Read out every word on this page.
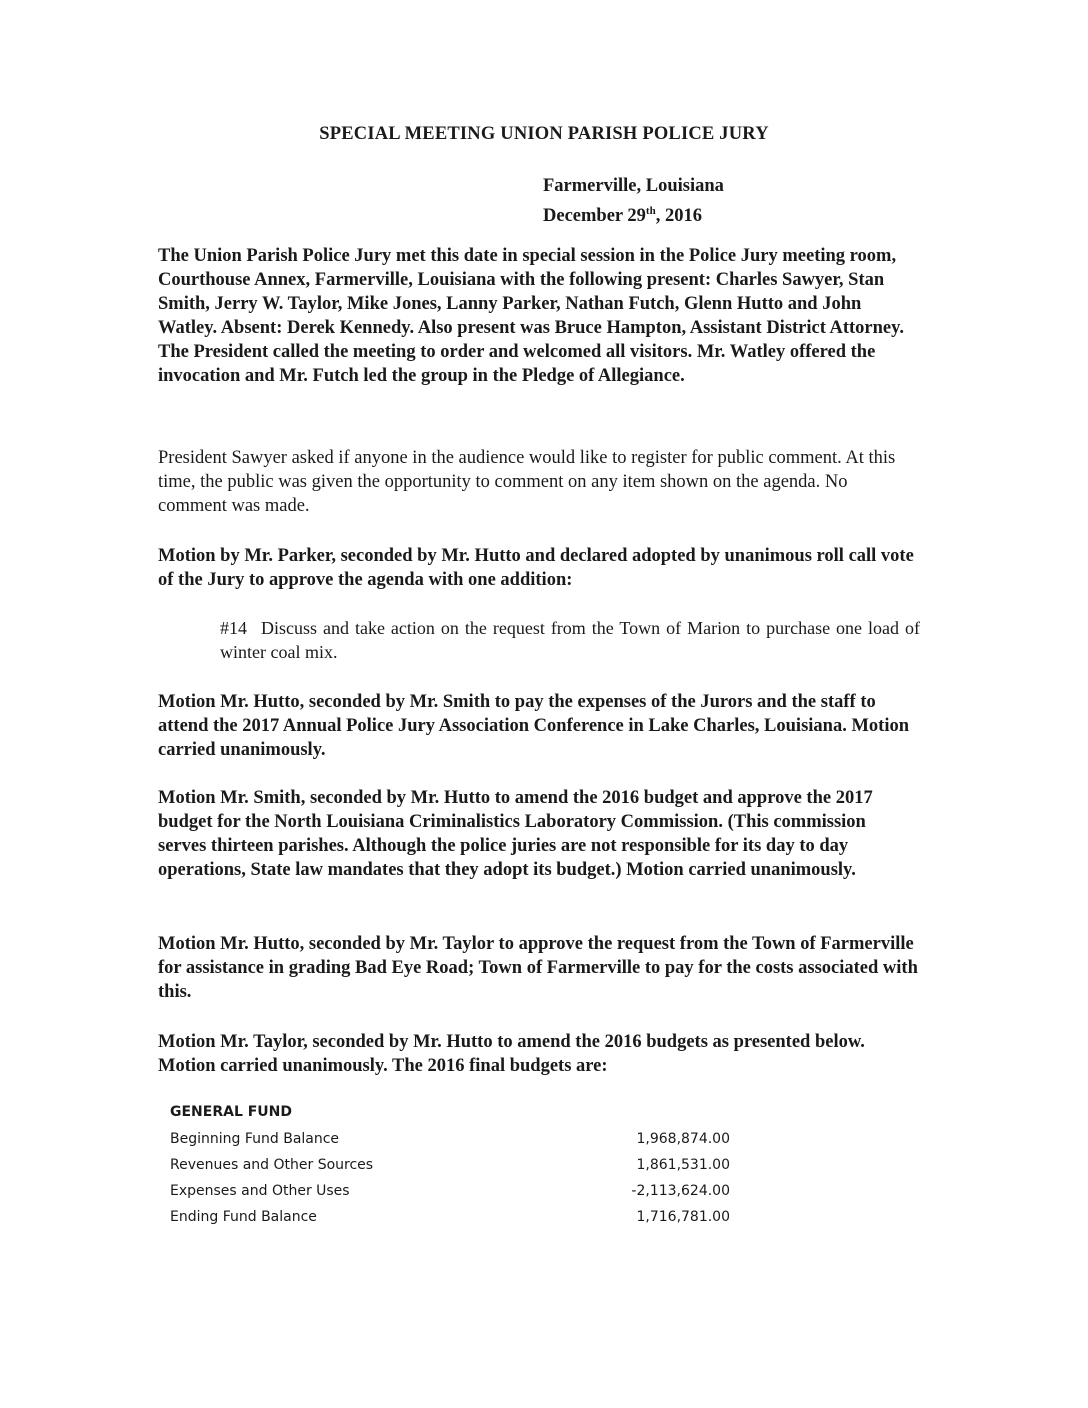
SPECIAL MEETING UNION PARISH POLICE JURY
Farmerville, Louisiana
December 29th, 2016
The Union Parish Police Jury met this date in special session in the Police Jury meeting room, Courthouse Annex, Farmerville, Louisiana with the following present: Charles Sawyer, Stan Smith, Jerry W. Taylor, Mike Jones, Lanny Parker, Nathan Futch, Glenn Hutto and John Watley. Absent: Derek Kennedy. Also present was Bruce Hampton, Assistant District Attorney. The President called the meeting to order and welcomed all visitors. Mr. Watley offered the invocation and Mr. Futch led the group in the Pledge of Allegiance.
President Sawyer asked if anyone in the audience would like to register for public comment. At this time, the public was given the opportunity to comment on any item shown on the agenda. No comment was made.
Motion by Mr. Parker, seconded by Mr. Hutto and declared adopted by unanimous roll call vote of the Jury to approve the agenda with one addition:
#14 Discuss and take action on the request from the Town of Marion to purchase one load of winter coal mix.
Motion Mr. Hutto, seconded by Mr. Smith to pay the expenses of the Jurors and the staff to attend the 2017 Annual Police Jury Association Conference in Lake Charles, Louisiana. Motion carried unanimously.
Motion Mr. Smith, seconded by Mr. Hutto to amend the 2016 budget and approve the 2017 budget for the North Louisiana Criminalistics Laboratory Commission. (This commission serves thirteen parishes. Although the police juries are not responsible for its day to day operations, State law mandates that they adopt its budget.) Motion carried unanimously.
Motion Mr. Hutto, seconded by Mr. Taylor to approve the request from the Town of Farmerville for assistance in grading Bad Eye Road; Town of Farmerville to pay for the costs associated with this.
Motion Mr. Taylor, seconded by Mr. Hutto to amend the 2016 budgets as presented below. Motion carried unanimously. The 2016 final budgets are:
GENERAL FUND
Beginning Fund Balance	1,968,874.00
Revenues and Other Sources	1,861,531.00
Expenses and Other Uses	-2,113,624.00
Ending Fund Balance	1,716,781.00
